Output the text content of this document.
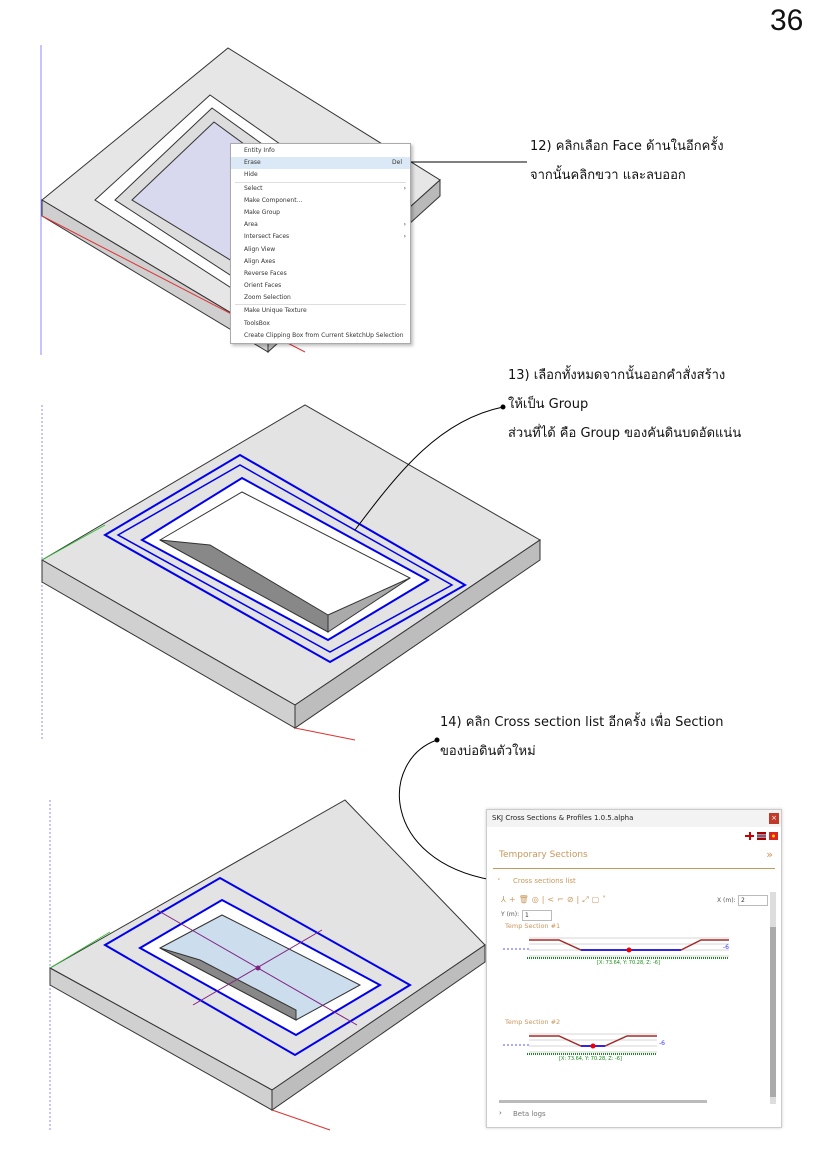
36
Entity Info
Erase	Del
Hide
Select	›
Make Component...
Make Group
Area	›
Intersect Faces	›
Align View
Align Axes
Reverse Faces
Orient Faces
Zoom Selection
Make Unique Texture
ToolsBox
Create Clipping Box from Current SketchUp Selection
12) คลิกเลือก Face ด้านในอีกครั้ง
จากนั้นคลิกขวา และลบออก
13) เลือกทั้งหมดจากนั้นออกคำสั่งสร้าง
ให้เป็น Group
ส่วนที่ได้ คือ Group ของคันดินบดอัดแน่น
14) คลิก Cross section list อีกครั้ง เพื่อ Section
ของบ่อดินตัวใหม่
SKJ Cross Sections & Profiles 1.0.5.alpha	×
Temporary Sections	»
˅ Cross sections list
⅄+🗑◎|<⌐⊘|⤢▢˅	X (m): 2
Y (m): 1
Temp Section #1
-6
[X: 73.64, Y: 70.28, Z: -6]
Temp Section #2
-6
[X: 73.64, Y: 70.28, Z: -6]
› Beta logs
